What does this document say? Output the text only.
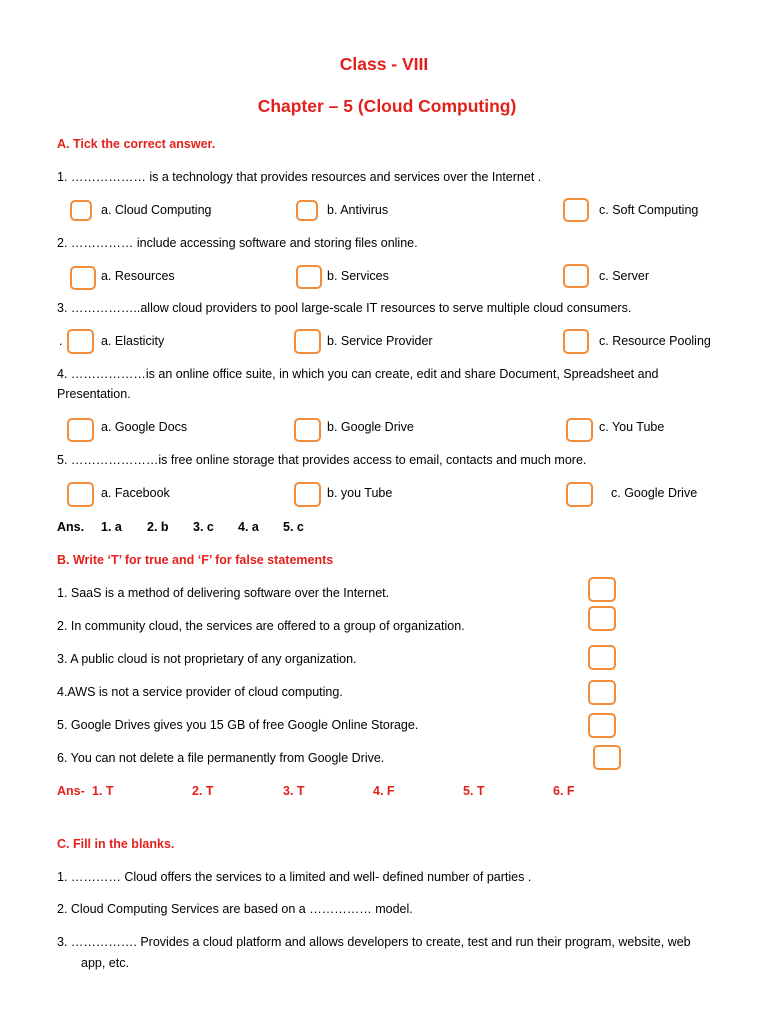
Class - VIII
Chapter – 5 (Cloud Computing)
A. Tick the correct answer.
1. ……………… is a technology that provides resources and services over the Internet .
a. Cloud Computing	b. Antivirus	c. Soft Computing
2. …………… include accessing software and storing files online.
a. Resources	b. Services	c. Server
3. ……………..allow cloud providers to pool large-scale IT resources to serve multiple cloud consumers.
.	a. Elasticity	b. Service Provider	c. Resource Pooling
4. ………………is an online office suite, in which you can create, edit and share Document, Spreadsheet and
Presentation.
a. Google Docs	b. Google Drive	c. You Tube
5. …………………is free online storage that provides access to email, contacts and much more.
a. Facebook	b. you Tube	c. Google Drive
Ans. 1. a 2. b 3. c 4. a 5. c
B. Write ‘T’ for true and ‘F’ for false statements
1. SaaS is a method of delivering software over the Internet.
2. In community cloud, the services are offered to a group of organization.
3. A public cloud is not proprietary of any organization.
4.AWS is not a service provider of cloud computing.
5. Google Drives gives you 15 GB of free Google Online Storage.
6. You can not delete a file permanently from Google Drive.
Ans- 1. T	2. T	3. T	4. F	5. T	6. F
C. Fill in the blanks.
1. ………… Cloud offers the services to a limited and well- defined number of parties .
2. Cloud Computing Services are based on a …………… model.
3. ……………. Provides a cloud platform and allows developers to create, test and run their program, website, web
app, etc.
